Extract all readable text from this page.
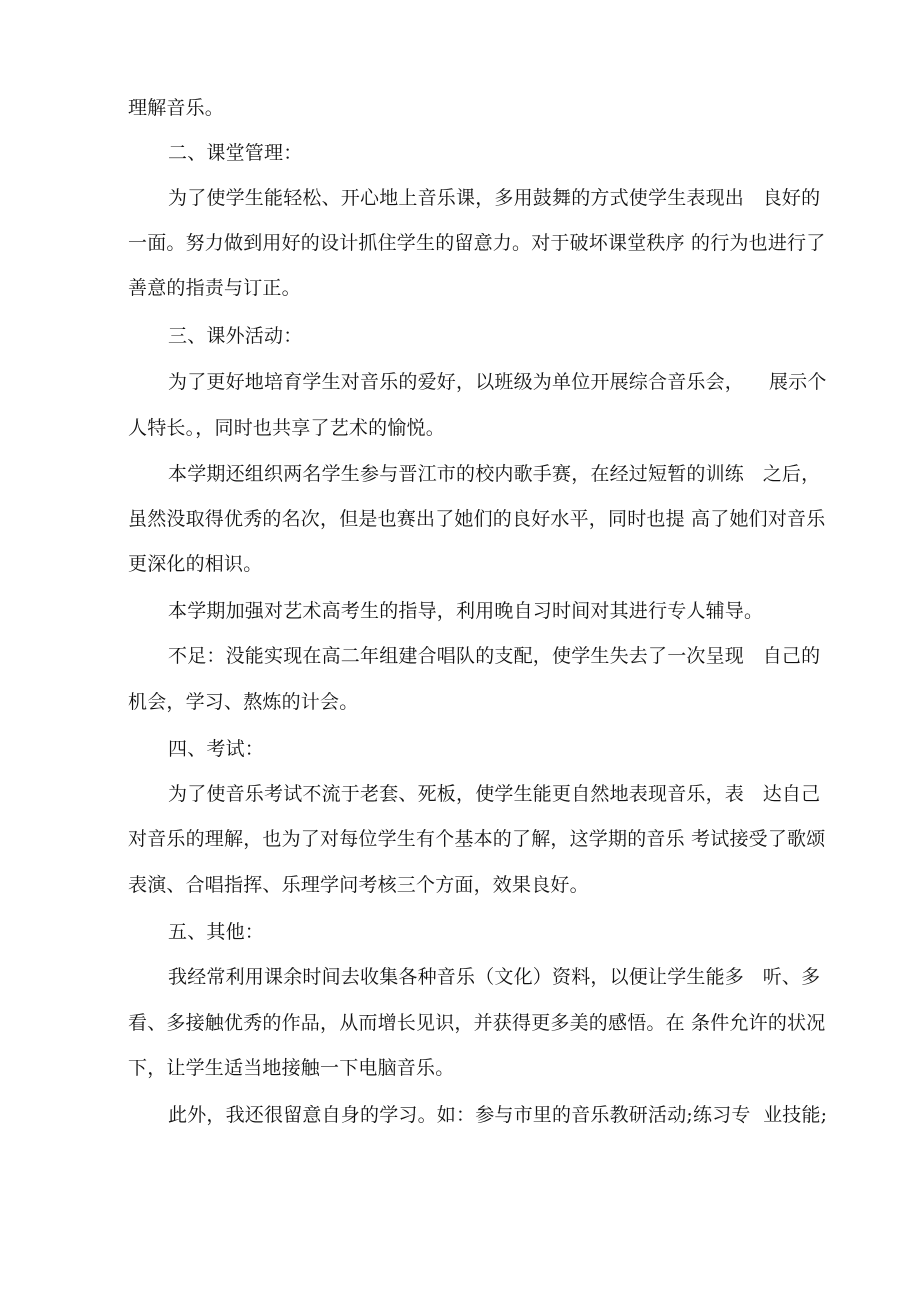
理解音乐。
二、课堂管理：
为了使学生能轻松、开心地上音乐课，多用鼓舞的方式使学生表现出   良好的
一面。努力做到用好的设计抓住学生的留意力。对于破坏课堂秩序 的行为也进行了
善意的指责与订正。
三、课外活动：
为了更好地培育学生对音乐的爱好，以班级为单位开展综合音乐会，    展示个
人特长。，同时也共享了艺术的愉悦。
本学期还组织两名学生参与晋江市的校内歌手赛，在经过短暂的训练   之后，
虽然没取得优秀的名次，但是也赛出了她们的良好水平，同时也提 高了她们对音乐
更深化的相识。
本学期加强对艺术高考生的指导，利用晚自习时间对其进行专人辅导。
不足：没能实现在高二年组建合唱队的支配，使学生失去了一次呈现   自己的
机会，学习、熬炼的计会。
四、考试：
为了使音乐考试不流于老套、死板，使学生能更自然地表现音乐，表   达自己
对音乐的理解，也为了对每位学生有个基本的了解，这学期的音乐 考试接受了歌颂
表演、合唱指挥、乐理学问考核三个方面，效果良好。
五、其他：
我经常利用课余时间去收集各种音乐（文化）资料，以便让学生能多   听、多
看、多接触优秀的作品，从而增长见识，并获得更多美的感悟。在 条件允许的状况
下，让学生适当地接触一下电脑音乐。
此外，我还很留意自身的学习。如：参与市里的音乐教研活动;练习专  业技能;
